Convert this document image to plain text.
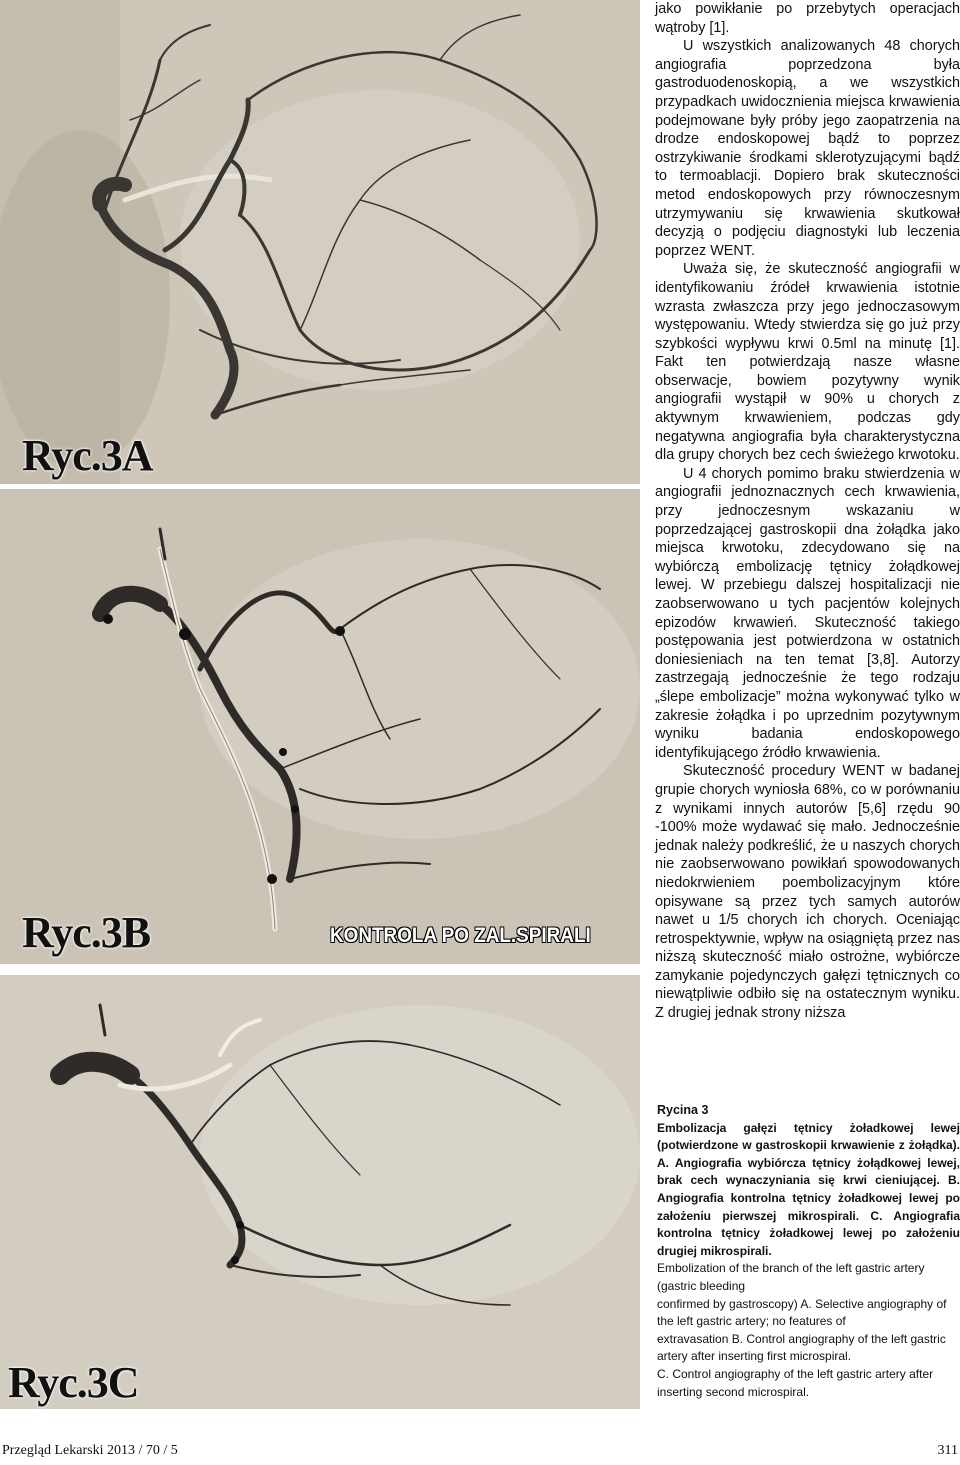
Ryc.3A
Ryc.3B	KONTROLA PO ZAL.SPIRALI
Ryc.3C

jako powikłanie po przebytych operacjach wątroby [1].

U wszystkich analizowanych 48 chorych angiografia poprzedzona była gastroduodenoskopią, a we wszystkich przypadkach uwidocznienia miejsca krwawienia podejmowane były próby jego zaopatrzenia na drodze endoskopowej bądź to poprzez ostrzykiwanie środkami sklerotyzującymi bądź to termoablacji. Dopiero brak skuteczności metod endoskopowych przy równoczesnym utrzymywaniu się krwawienia skutkował decyzją o podjęciu diagnostyki lub leczenia poprzez WENT.

Uważa się, że skuteczność angiografii w identyfikowaniu źródeł krwawienia istotnie wzrasta zwłaszcza przy jego jednoczasowym występowaniu. Wtedy stwierdza się go już przy szybkości wypływu krwi 0.5ml na minutę [1]. Fakt ten potwierdzają nasze własne obserwacje, bowiem pozytywny wynik angiografii wystąpił w 90% u chorych z aktywnym krwawieniem, podczas gdy negatywna angiografia była charakterystyczna dla grupy chorych bez cech świeżego krwotoku.

U 4 chorych pomimo braku stwierdzenia w angiografii jednoznacznych cech krwawienia, przy jednoczesnym wskazaniu w poprzedzającej gastroskopii dna żołądka jako miejsca krwotoku, zdecydowano się na wybiórczą embolizację tętnicy żołądkowej lewej. W przebiegu dalszej hospitalizacji nie zaobserwowano u tych pacjentów kolejnych epizodów krwawień. Skuteczność takiego postępowania jest potwierdzona w ostatnich doniesieniach na ten temat [3,8]. Autorzy zastrzegają jednocześnie że tego rodzaju „ślepe embolizacje” można wykonywać tylko w zakresie żołądka i po uprzednim pozytywnym wyniku badania endoskopowego identyfikującego źródło krwawienia.

Skuteczność procedury WENT w badanej grupie chorych wyniosła 68%, co w porównaniu z wynikami innych autorów [5,6] rzędu 90 -100% może wydawać się mało. Jednocześnie jednak należy podkreślić, że u naszych chorych nie zaobserwowano powikłań spowodowanych niedokrwieniem poembolizacyjnym które opisywane są przez tych samych autorów nawet u 1/5 chorych ich chorych. Oceniając retrospektywnie, wpływ na osiągniętą przez nas niższą skuteczność miało ostrożne, wybiórcze zamykanie pojedynczych gałęzi tętnicznych co niewątpliwie odbiło się na ostatecznym wyniku. Z drugiej jednak strony niższa

Rycina 3

Embolizacja gałęzi tętnicy żoładkowej lewej (potwierdzone w gastroskopii krwawienie z żołądka). A. Angiografia wybiórcza tętnicy żołądkowej lewej, brak cech wynaczyniania się krwi cieniującej. B. Angiografia kontrolna tętnicy żoładkowej lewej po założeniu pierwszej mikrospirali. C. Angiografia kontrolna tętnicy żoładkowej lewej po założeniu drugiej mikrospirali.

Embolization of the branch of the left gastric artery (gastric bleeding
confirmed by gastroscopy) A. Selective angiography of the left gastric artery; no features of
extravasation B. Control angiography of the left gastric artery after inserting first microspiral.
C. Control angiography of the left gastric artery after inserting second microspiral.
Przegląd Lekarski 2013 / 70 / 5	311
